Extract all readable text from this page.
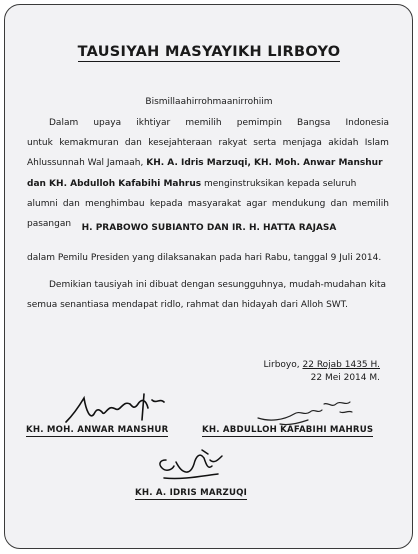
TAUSIYAH MASYAYIKH LIRBOYO
Bismillaahirrohmaanirrohiim
Dalam upaya ikhtiyar memilih pemimpin Bangsa Indonesia
untuk kemakmuran dan kesejahteraan rakyat serta menjaga akidah Islam
Ahlussunnah Wal Jamaah, KH. A. Idris Marzuqi, KH. Moh. Anwar Manshur
dan KH. Abdulloh Kafabihi Mahrus menginstruksikan kepada seluruh
alumni dan menghimbau kepada masyarakat agar mendukung dan memilih
pasangan	H. PRABOWO SUBIANTO DAN IR. H. HATTA RAJASA
dalam Pemilu Presiden yang dilaksanakan pada hari Rabu, tanggal 9 Juli 2014.
Demikian tausiyah ini dibuat dengan sesungguhnya, mudah-mudahan kita
semua senantiasa mendapat ridlo, rahmat dan hidayah dari Alloh SWT.
Lirboyo, 22 Rojab 1435 H.
22 Mei 2014 M.
KH. MOH. ANWAR MANSHUR	KH. ABDULLOH KAFABIHI MAHRUS
KH. A. IDRIS MARZUQI
